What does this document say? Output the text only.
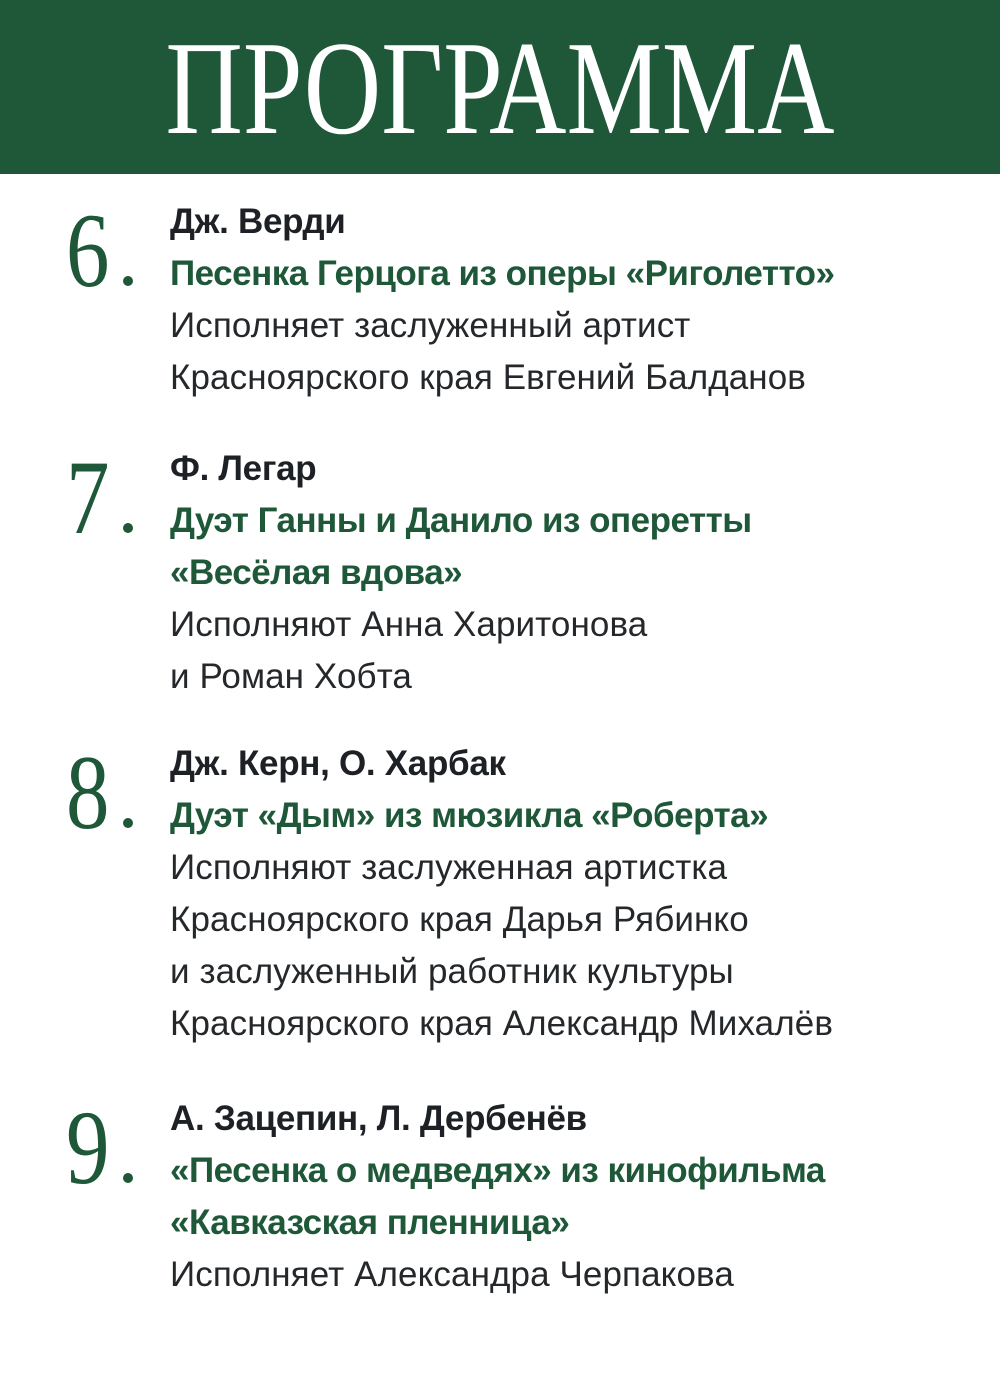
ПРОГРАММА
6	Дж. Верди
Песенка Герцога из оперы «Риголетто»
Исполняет заслуженный артист
Красноярского края Евгений Балданов
7	Ф. Легар
Дуэт Ганны и Данило из оперетты
«Весёлая вдова»
Исполняют Анна Харитонова
и Роман Хобта
8	Дж. Керн, О. Харбак
Дуэт «Дым» из мюзикла «Роберта»
Исполняют заслуженная артистка
Красноярского края Дарья Рябинко
и заслуженный работник культуры
Красноярского края Александр Михалёв
9	А. Зацепин, Л. Дербенёв
«Песенка о медведях» из кинофильма
«Кавказская пленница»
Исполняет Александра Черпакова
